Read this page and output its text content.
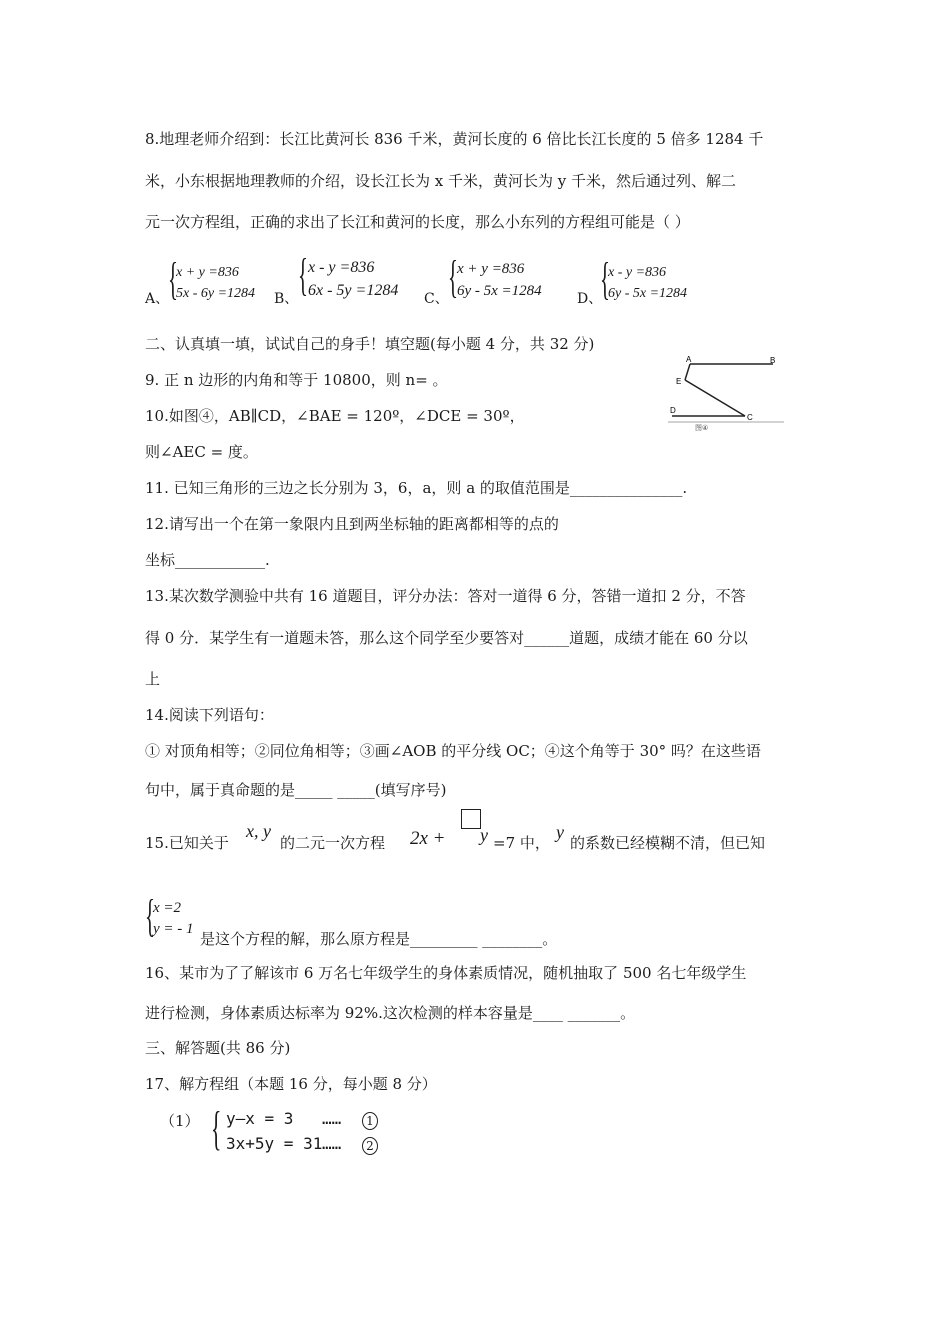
8.地理老师介绍到：长江比黄河长 836 千米，黄河长度的 6 倍比长江长度的 5 倍多 1284 千
米，小东根据地理教师的介绍，设长江长为 x 千米，黄河长为 y 千米，然后通过列、解二
元一次方程组，正确的求出了长江和黄河的长度，那么小东列的方程组可能是（ ）
A、
{
x + y =836
5x - 6y =1284 B、 { x - y =836
6x - 5y =1284 C、 { x + y =836
6y - 5x =1284	D、
{
x - y =836
6y - 5x =1284
二、认真填一填，试试自己的身手！填空题(每小题 4 分，共 32 分)
9. 正 n 边形的内角和等于 10800，则 n= 。
10.如图④，AB∥CD，∠BAE = 120º，∠DCE = 30º，
则∠AEC = 度。
A	B
E
D
C
图④
11. 已知三角形的三边之长分别为 3，6，a，则 a 的取值范围是_______________.
12.请写出一个在第一象限内且到两坐标轴的距离都相等的点的
坐标____________.
13.某次数学测验中共有 16 道题目，评分办法：答对一道得 6 分，答错一道扣 2 分，不答
得 0 分．某学生有一道题未答，那么这个同学至少要答对______道题，成绩才能在 60 分以
上
14.阅读下列语句：
① 对顶角相等；②同位角相等；③画∠AOB 的平分线 OC；④这个角等于 30° 吗？在这些语
句中，属于真命题的是_____ _____(填写序号)
15.已知关于
x, y
的二元一次方程 2x + y =7 中，
y
的系数已经模糊不清，但已知
{
x =2
y = - 1
是这个方程的解，那么原方程是_________ ________。
16、某市为了了解该市 6 万名七年级学生的身体素质情况，随机抽取了 500 名七年级学生
进行检测，身体素质达标率为 92%.这次检测的样本容量是____ _______。
三、解答题(共 86 分)
17、解方程组（本题 16 分，每小题 8 分）
（1） { y—x = 3
3x+5y = 31
……	1
……	2
